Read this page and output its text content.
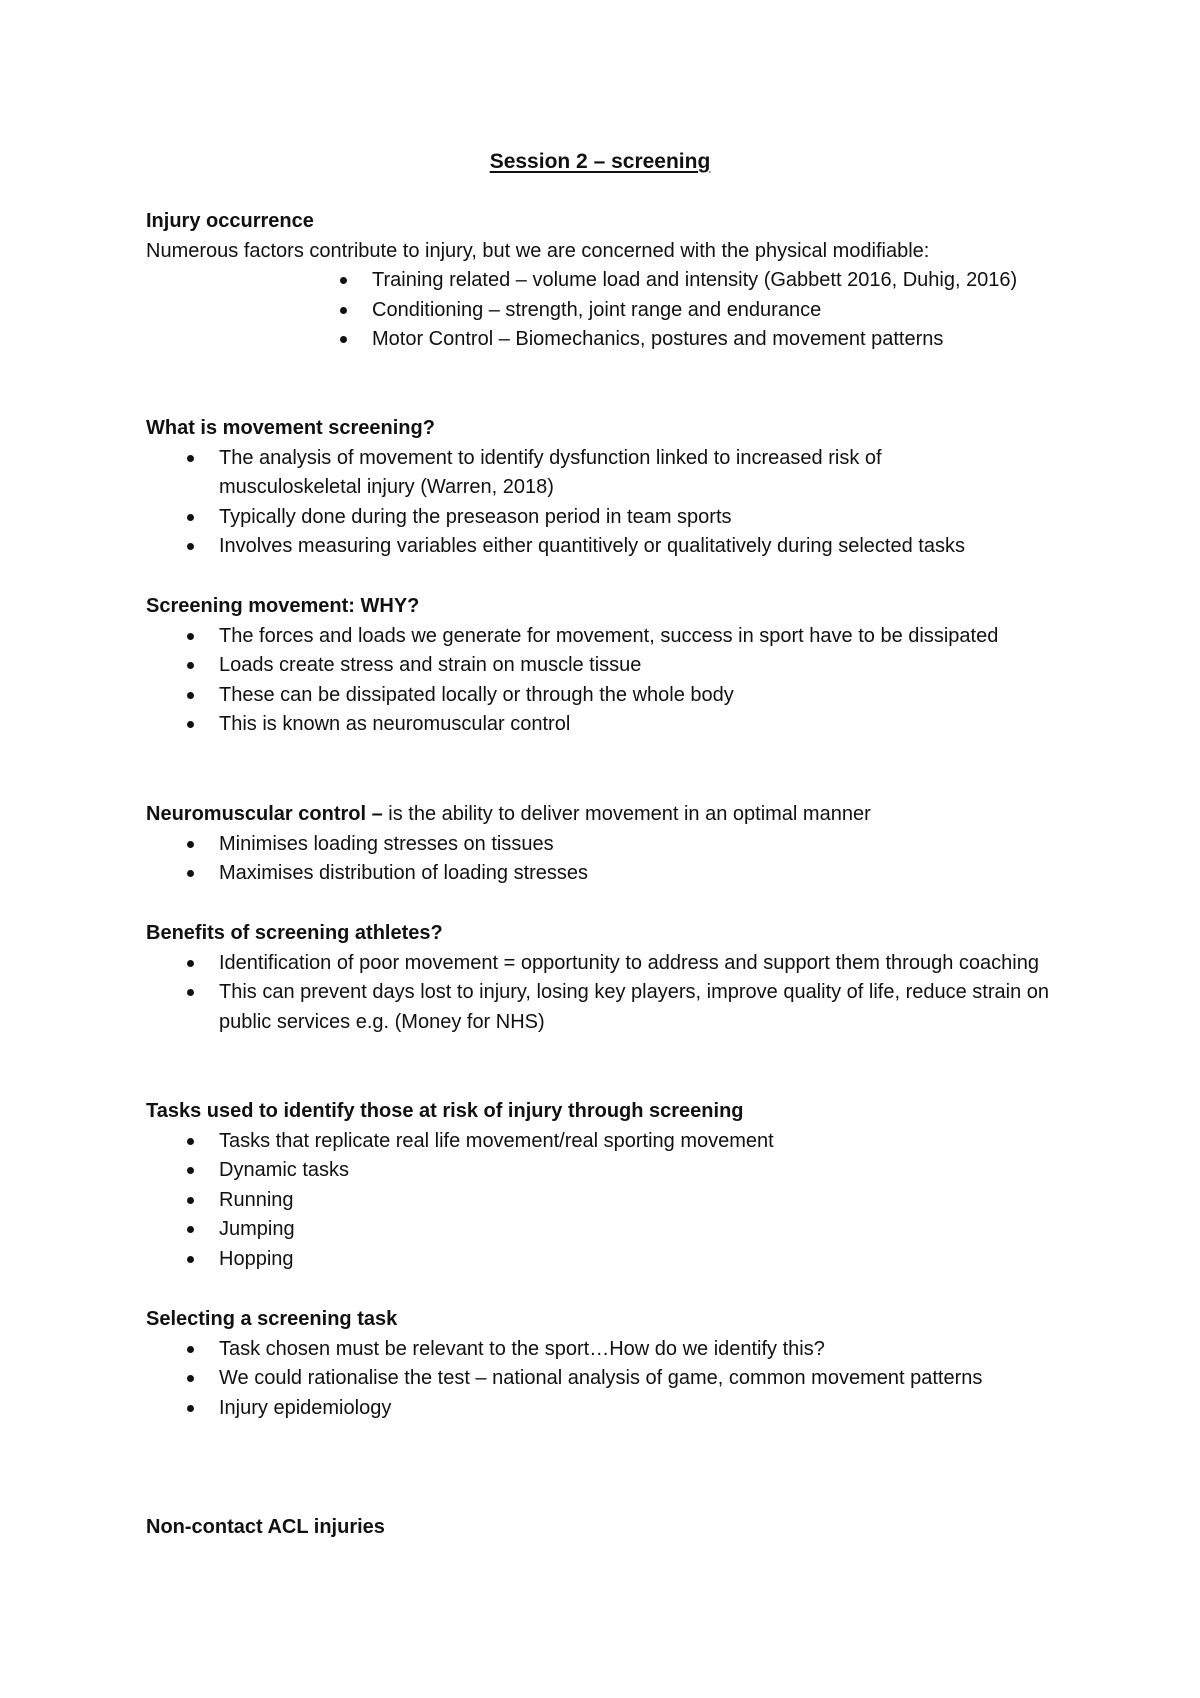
Session 2 – screening

Injury occurrence

Numerous factors contribute to injury, but we are concerned with the physical modifiable:

Training related – volume load and intensity (Gabbett 2016, Duhig, 2016)
Conditioning – strength, joint range and endurance
Motor Control – Biomechanics, postures and movement patterns

What is movement screening?

The analysis of movement to identify dysfunction linked to increased risk of musculoskeletal injury (Warren, 2018)
Typically done during the preseason period in team sports
Involves measuring variables either quantitively or qualitatively during selected tasks

Screening movement: WHY?

The forces and loads we generate for movement, success in sport have to be dissipated
Loads create stress and strain on muscle tissue
These can be dissipated locally or through the whole body
This is known as neuromuscular control

Neuromuscular control – is the ability to deliver movement in an optimal manner

Minimises loading stresses on tissues
Maximises distribution of loading stresses

Benefits of screening athletes?

Identification of poor movement = opportunity to address and support them through coaching
This can prevent days lost to injury, losing key players, improve quality of life, reduce strain on public services e.g. (Money for NHS)

Tasks used to identify those at risk of injury through screening

Tasks that replicate real life movement/real sporting movement
Dynamic tasks
Running
Jumping
Hopping

Selecting a screening task

Task chosen must be relevant to the sport…How do we identify this?
We could rationalise the test – national analysis of game, common movement patterns
Injury epidemiology

Non-contact ACL injuries
